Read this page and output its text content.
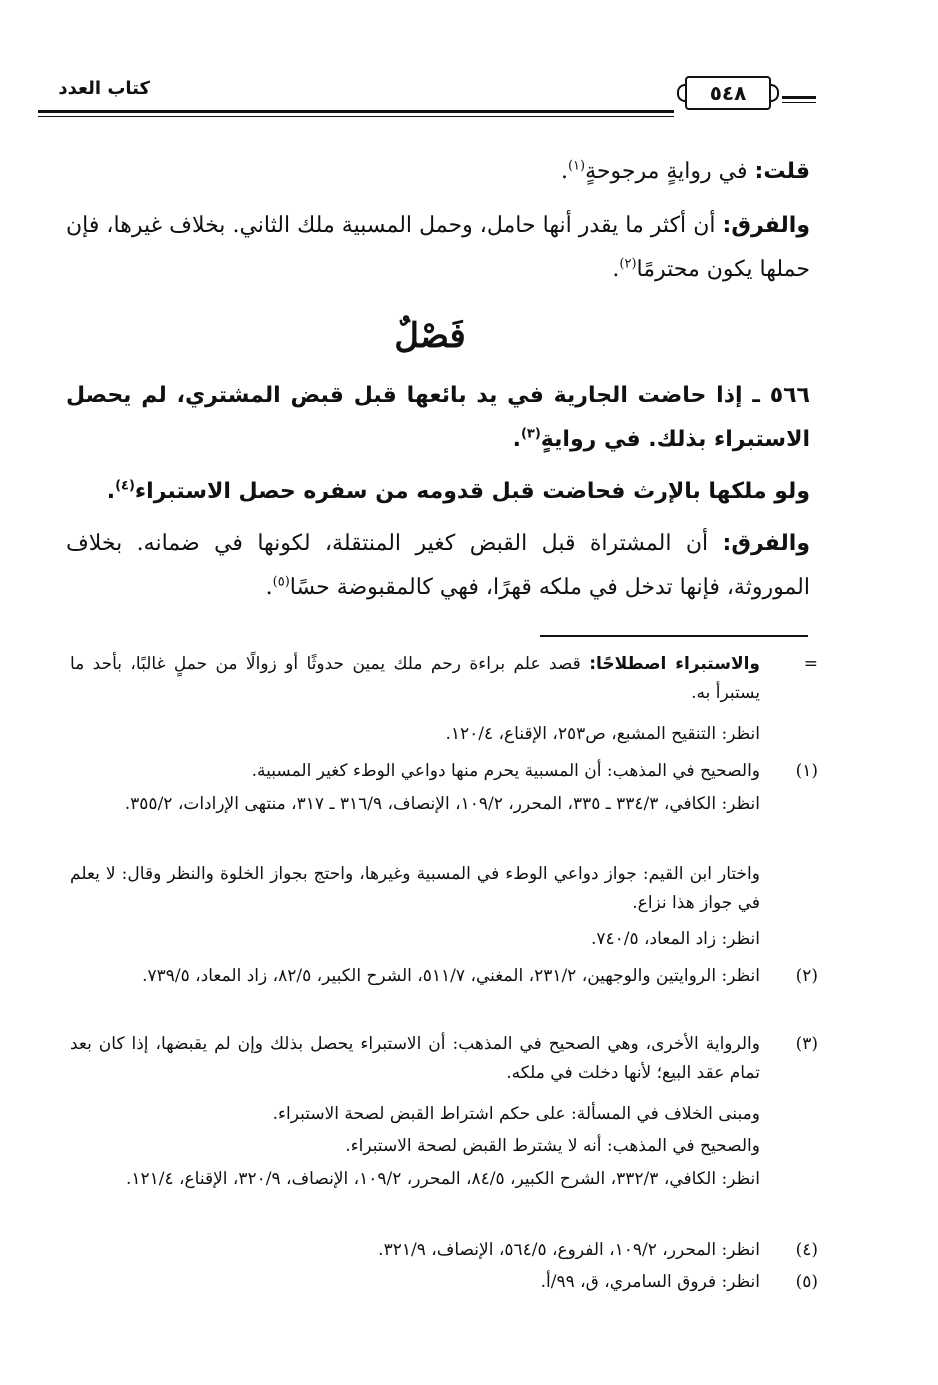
كتاب العدد	٥٤٨
قلت: في روايةٍ مرجوحةٍ$^{(١)}$.
والفرق: أن أكثر ما يقدر أنها حامل، وحمل المسبية ملك الثاني. بخلاف غيرها، فإن حملها يكون محترمًا$^{(٢)}$.
فَصْلٌ
٥٦٦ ـ إذا حاضت الجارية في يد بائعها قبل قبض المشتري، لم يحصل الاستبراء بذلك. في روايةٍ$^{(٣)}$.
ولو ملكها بالإرث فحاضت قبل قدومه من سفره حصل الاستبراء$^{(٤)}$.
والفرق: أن المشتراة قبل القبض كغير المنتقلة، لكونها في ضمانه. بخلاف الموروثة، فإنها تدخل في ملكه قهرًا، فهي كالمقبوضة حسًا$^{(٥)}$.
=
والاستبراء اصطلاحًا: قصد علم براءة رحم ملك يمين حدوثًا أو زوالًا من حملٍ غالبًا، بأحد ما يستبرأ به.
انظر: التنقيح المشبع، ص٢٥٣، الإقناع، ١٢٠/٤.
(١)
والصحيح في المذهب: أن المسبية يحرم منها دواعي الوطء كغير المسبية.
انظر: الكافي، ٣٣٤/٣ ـ ٣٣٥، المحرر، ١٠٩/٢، الإنصاف، ٣١٦/٩ ـ ٣١٧، منتهى الإرادات، ٣٥٥/٢.
واختار ابن القيم: جواز دواعي الوطء في المسبية وغيرها، واحتج بجواز الخلوة والنظر وقال: لا يعلم في جواز هذا نزاع.
انظر: زاد المعاد، ٧٤٠/٥.
(٢)
انظر: الروايتين والوجهين، ٢٣١/٢، المغني، ٥١١/٧، الشرح الكبير، ٨٢/٥، زاد المعاد، ٧٣٩/٥.
(٣)
والرواية الأخرى، وهي الصحيح في المذهب: أن الاستبراء يحصل بذلك وإن لم يقبضها، إذا كان بعد تمام عقد البيع؛ لأنها دخلت في ملكه.
ومبنى الخلاف في المسألة: على حكم اشتراط القبض لصحة الاستبراء.
والصحيح في المذهب: أنه لا يشترط القبض لصحة الاستبراء.
انظر: الكافي، ٣٣٢/٣، الشرح الكبير، ٨٤/٥، المحرر، ١٠٩/٢، الإنصاف، ٣٢٠/٩، الإقناع، ١٢١/٤.
(٤)
انظر: المحرر، ١٠٩/٢، الفروع، ٥٦٤/٥، الإنصاف، ٣٢١/٩.
(٥)
انظر: فروق السامري، ق، ٩٩/أ.
